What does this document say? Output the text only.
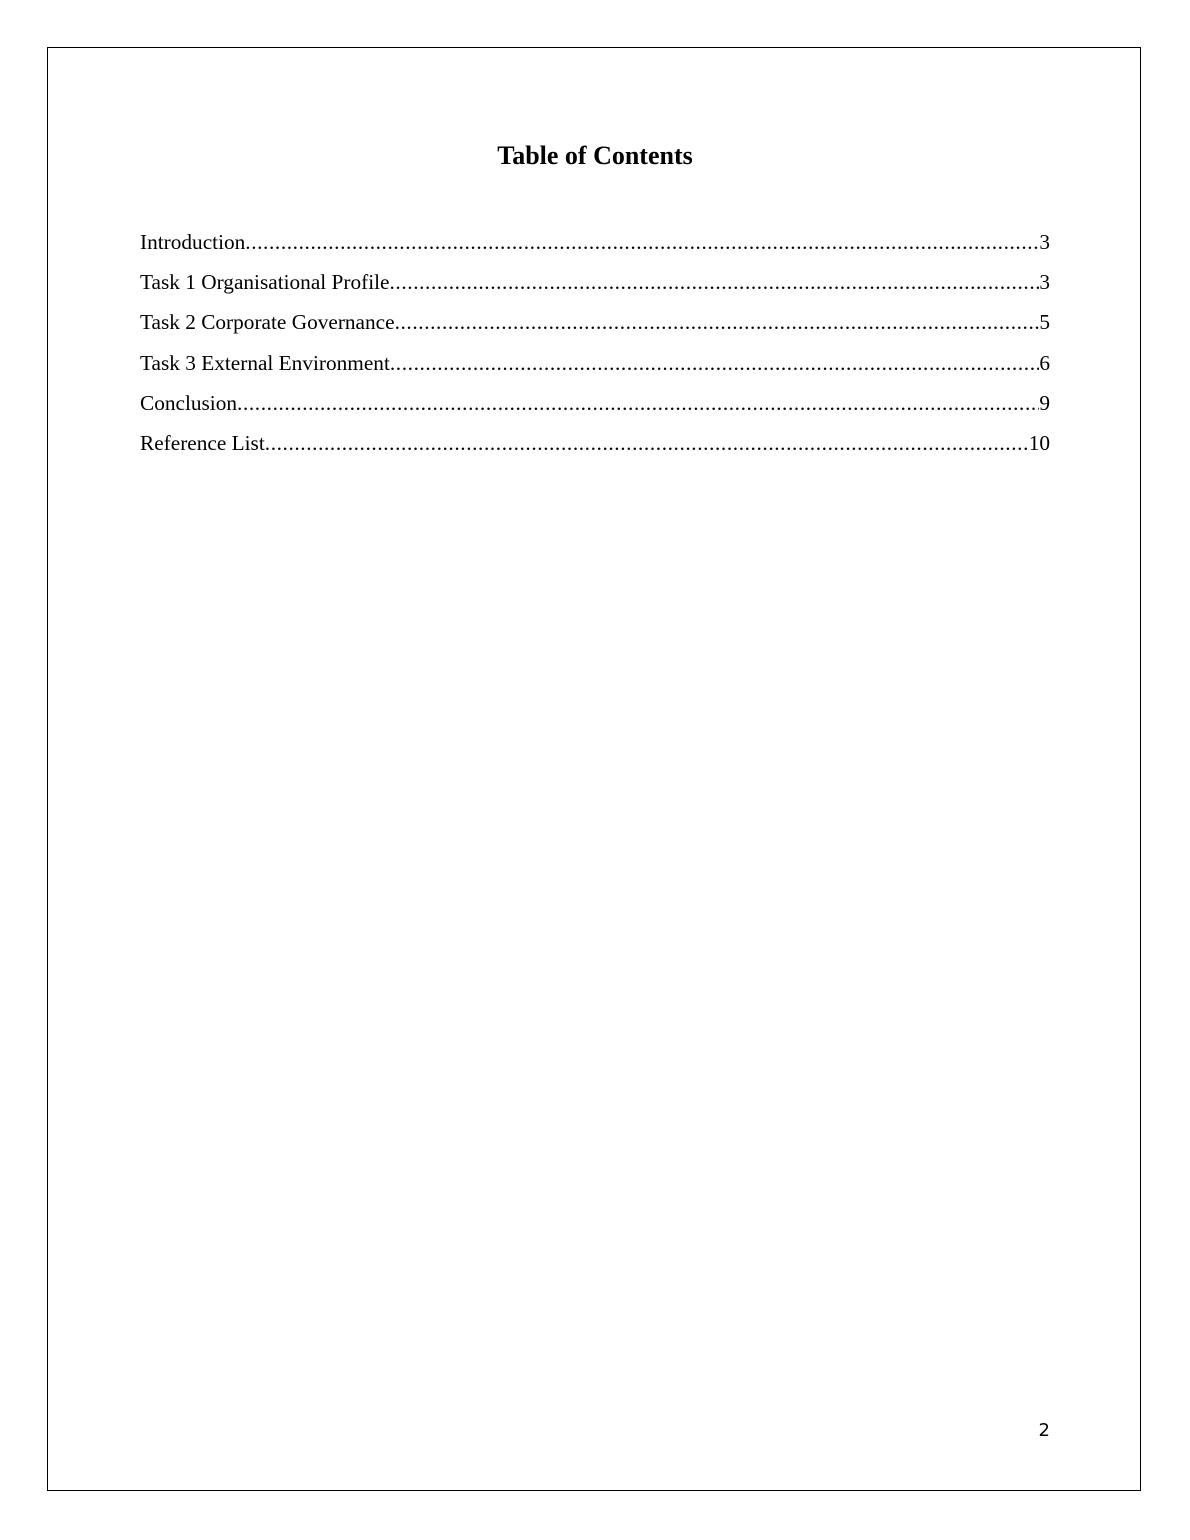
Table of Contents
Introduction .....	3
Task 1 Organisational Profile .....	3
Task 2 Corporate Governance .....	5
Task 3 External Environment .....	6
Conclusion .....	9
Reference List .....	10
2
